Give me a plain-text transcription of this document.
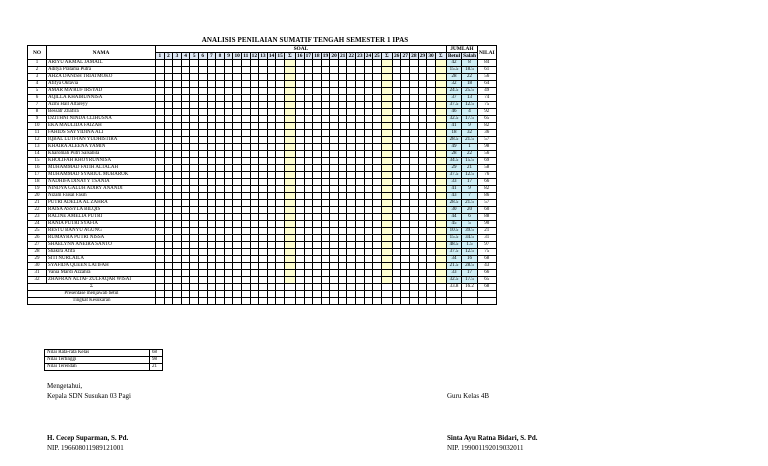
ANALISIS PENILAIAN SUMATIF TENGAH SEMESTER 1 IPAS
NO	NAMA	SOAL																																	JUMLAH		NILAI
		1	2	3	4	5	6	7	8	9	10	11	12	13	14	15	Σ	16	17	18	19	20	21	22	23	24	25	Σ	26	27	28	29	30	Σ	Betul	Salah	
1	ARIYU AKMAL JAMAIL																																		42	8	84
2	Aditya Pratama Putra																																		15.5	18.5	61
3	AHZA DANISH TRIATMOKO																																		28	22	56
4	Afifya Oktavia																																		32	18	64
5	AMAR MA'RUF IRSYAD																																		24.5	25.5	49
6	AQILLA KHAIRUNNISA																																		37	13	74
7	Azmi Hall Alfareyy																																		37.5	12.5	75
8	Bessatr Zhafira																																		46	4	92
9	DZITHNI NINDA CLIHUSNA																																		32.5	17.5	65
10	EKA MAULIDA FAIZAH																																		41	9	82
11	FAHIDS SAYYIDINA ALI																																		18	32	36
12	IQBAL LUTFIAN YUDHISTIRA																																		28.5	21.5	57
13	KHAIRA ALEENA YAMIN																																		49	1	98
14	Kharomah Putri Salsabila																																		28	22	56
15	KHOLIFAH KHOYRUNNISA																																		34.5	15.5	69
16	MUHAMMAD FATIH ALTALAH																																		29	21	58
17	MUHAMMAD SYARIUL MUBAROK																																		37.5	12.5	76
18	NADHIFA DINAYY TSANIA																																		33	17	66
19	NINDYA GALUH ADIRY ANANDI																																		41	9	82
20	Nizam Faisal Fasih																																		43	7	86
21	PUTRI ADELIA AL ZAHRA																																		28.5	21.5	57
22	RAISA ASSYLA BILQIS																																		30	20	60
23	RALINE AMELIA PUTRI																																		44	6	88
24	RANIA PUTRI SYAFIA																																		45	5	90
25	RESTU BANYU AGUNG																																		10.5	39.5	21
26	RUMAYRA PUTRI NISSA																																		15.5	34.5	31
27	SHAELYNN ANEIRA SANTO																																		48.5	1.5	97
28	Shakira Afifa																																		37.5	12.5	75
29	SITI NURLAILA																																		34	16	68
30	SYAFIDA QUEEN LATIFAH																																		21.5	28.5	43
31	Vania Mardi Azzahra																																		33	17	66
32	ZHAFRAN ALTAF ZULFAQAR WISAI																																		32.5	17.5	65
Σ																																			33.8	16.2	68
Presentase menjawab betul																																					
Tingkat Kesukaran																																					
Nilai Rata-rata Kelas	68
Nilai Tertinggi	98
Nilai Terendah	21
Mengetahui,
Kepala SDN Susukan 03 Pagi
H. Cecep Suparman, S. Pd.
NIP. 196608011989121001
Guru Kelas 4B
Sinta Ayu Ratna Bidari, S. Pd.
NIP. 199001192019032011
